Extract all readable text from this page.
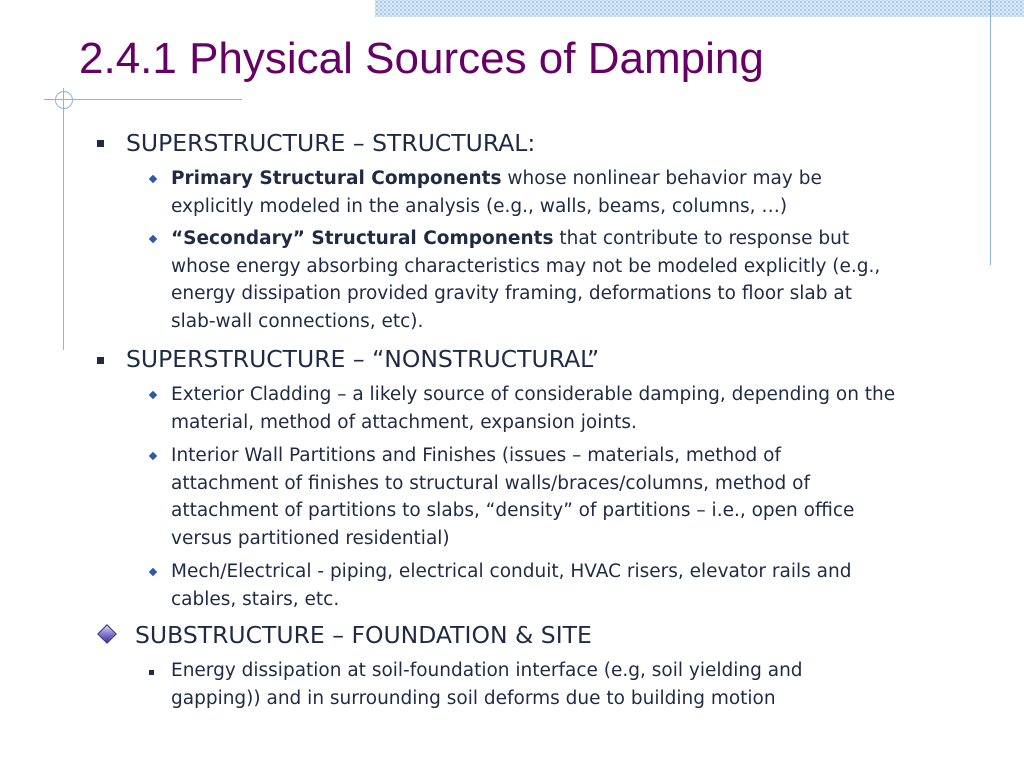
2.4.1 Physical Sources of Damping
SUPERSTRUCTURE – STRUCTURAL:
Primary Structural Components whose nonlinear behavior may be
explicitly modeled in the analysis (e.g., walls, beams, columns, …)
“Secondary” Structural Components that contribute to response but
whose energy absorbing characteristics may not be modeled explicitly (e.g.,
energy dissipation provided gravity framing, deformations to floor slab at
slab-wall connections, etc).
SUPERSTRUCTURE – “NONSTRUCTURAL”
Exterior Cladding – a likely source of considerable damping, depending on the
material, method of attachment, expansion joints.
Interior Wall Partitions and Finishes (issues – materials, method of
attachment of finishes to structural walls/braces/columns, method of
attachment of partitions to slabs, “density” of partitions – i.e., open office
versus partitioned residential)
Mech/Electrical - piping, electrical conduit, HVAC risers, elevator rails and
cables, stairs, etc.
SUBSTRUCTURE – FOUNDATION & SITE
Energy dissipation at soil-foundation interface (e.g, soil yielding and
gapping)) and in surrounding soil deforms due to building motion
